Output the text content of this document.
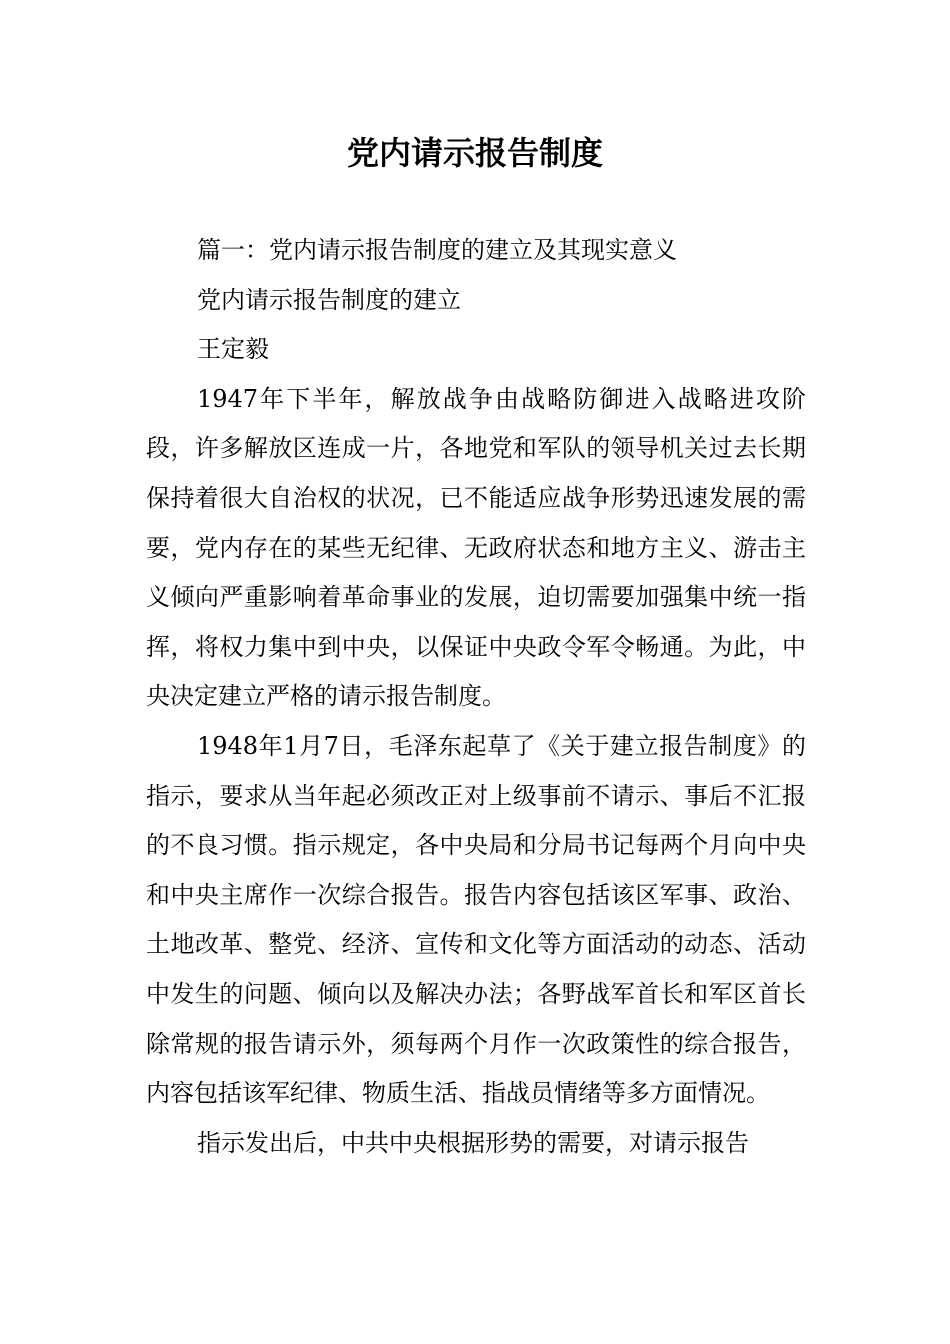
党内请示报告制度

篇一：党内请示报告制度的建立及其现实意义

党内请示报告制度的建立

王定毅

1947年下半年，解放战争由战略防御进入战略进攻阶段，许多解放区连成一片，各地党和军队的领导机关过去长期保持着很大自治权的状况，已不能适应战争形势迅速发展的需要，党内存在的某些无纪律、无政府状态和地方主义、游击主义倾向严重影响着革命事业的发展，迫切需要加强集中统一指挥，将权力集中到中央，以保证中央政令军令畅通。为此，中央决定建立严格的请示报告制度。

1948年1月7日，毛泽东起草了《关于建立报告制度》的指示，要求从当年起必须改正对上级事前不请示、事后不汇报的不良习惯。指示规定，各中央局和分局书记每两个月向中央和中央主席作一次综合报告。报告内容包括该区军事、政治、土地改革、整党、经济、宣传和文化等方面活动的动态、活动中发生的问题、倾向以及解决办法；各野战军首长和军区首长除常规的报告请示外，须每两个月作一次政策性的综合报告，内容包括该军纪律、物质生活、指战员情绪等多方面情况。

指示发出后，中共中央根据形势的需要，对请示报告
